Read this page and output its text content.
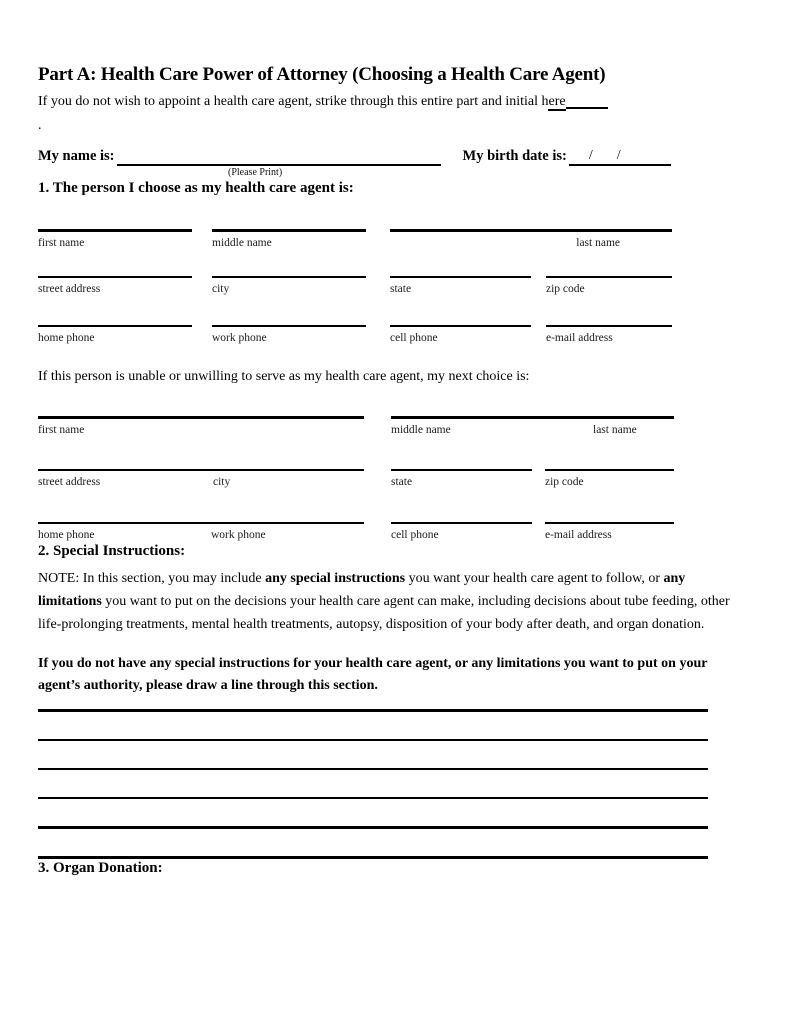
Part A: Health Care Power of Attorney (Choosing a Health Care Agent)

If you do not wish to appoint a health care agent, strike through this entire part and initial here

.

My name is:	My birth date is: / /
(Please Print)
1. The person I choose as my health care agent is:
first name	middle name	last name
street address	city	state	zip code
home phone	work phone	cell phone	e-mail address

If this person is unable or unwilling to serve as my health care agent, my next choice is:

first name	middle name	last name
street address	city	state	zip code
home phone	work phone	cell phone	e-mail address
2. Special Instructions:

NOTE: In this section, you may include any special instructions you want your health care agent to follow, or any limitations you want to put on the decisions your health care agent can make, including decisions about tube feeding, other life-prolonging treatments, mental health treatments, autopsy, disposition of your body after death, and organ donation.

If you do not have any special instructions for your health care agent, or any limitations you want to put on your agent’s authority, please draw a line through this section.

3. Organ Donation:
